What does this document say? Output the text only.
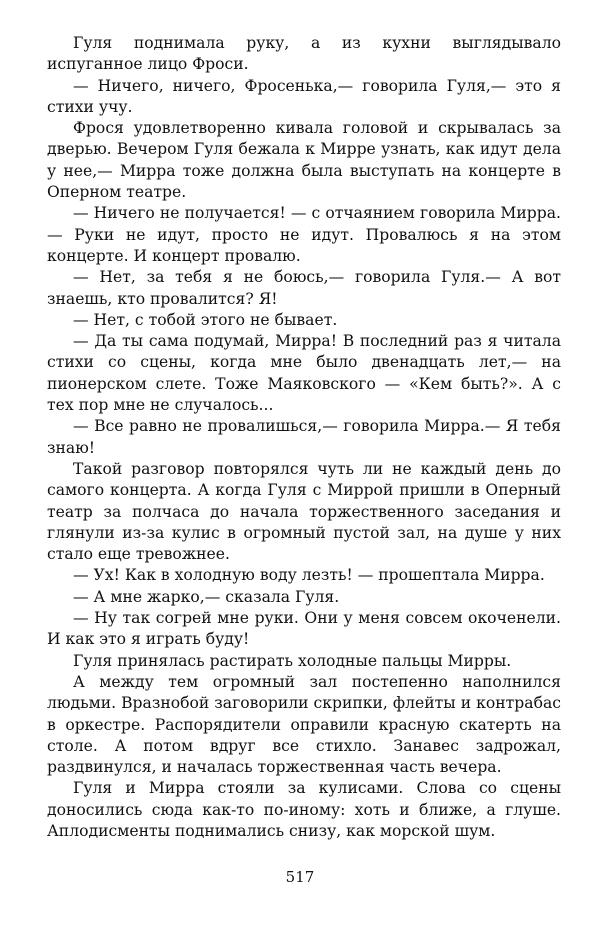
Гуля поднимала руку, а из кухни выглядывало испуганное лицо Фроси.

— Ничего, ничего, Фросенька,— говорила Гуля,— это я стихи учу.

Фрося удовлетворенно кивала головой и скрывалась за дверью. Вечером Гуля бежала к Мирре узнать, как идут дела у нее,— Мирра тоже должна была выступать на концерте в Оперном театре.

— Ничего не получается! — с отчаянием говорила Мирра.— Руки не идут, просто не идут. Провалюсь я на этом концерте. И концерт провалю.

— Нет, за тебя я не боюсь,— говорила Гуля.— А вот знаешь, кто провалится? Я!

— Нет, с тобой этого не бывает.

— Да ты сама подумай, Мирра! В последний раз я читала стихи со сцены, когда мне было двенадцать лет,— на пионерском слете. Тоже Маяковского — «Кем быть?». А с тех пор мне не случалось...

— Все равно не провалишься,— говорила Мирра.— Я тебя знаю!

Такой разговор повторялся чуть ли не каждый день до самого концерта. А когда Гуля с Миррой пришли в Оперный театр за полчаса до начала торжественного заседания и глянули из-за кулис в огромный пустой зал, на душе у них стало еще тревожнее.

— Ух! Как в холодную воду лезть! — прошептала Мирра.

— А мне жарко,— сказала Гуля.

— Ну так согрей мне руки. Они у меня совсем окоченели. И как это я играть буду!

Гуля принялась растирать холодные пальцы Мирры.

А между тем огромный зал постепенно наполнился людьми. Вразнобой заговорили скрипки, флейты и контрабас в оркестре. Распорядители оправили красную скатерть на столе. А потом вдруг все стихло. Занавес задрожал, раздвинулся, и началась торжественная часть вечера.

Гуля и Мирра стояли за кулисами. Слова со сцены доносились сюда как-то по-иному: хоть и ближе, а глуше. Аплодисменты поднимались снизу, как морской шум.

517
